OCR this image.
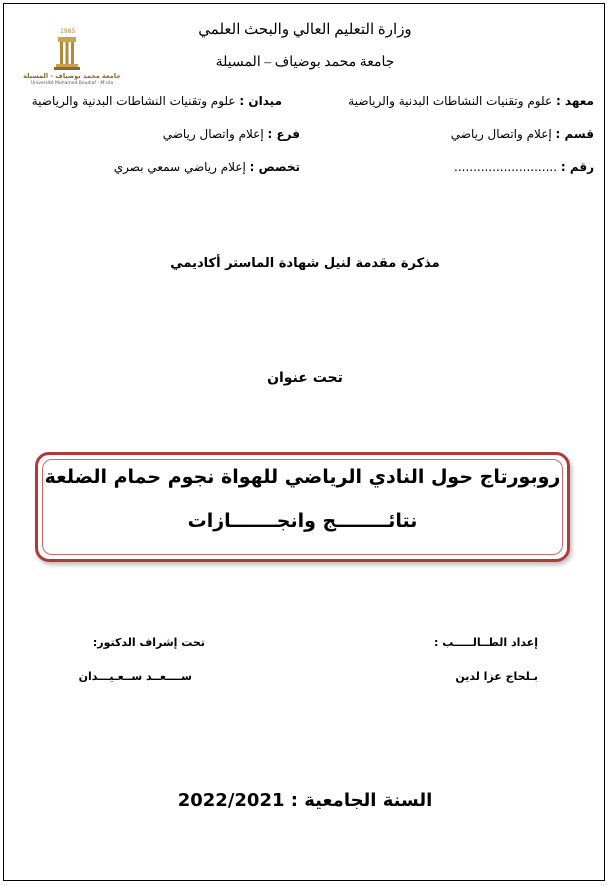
وزارة التعليم العالي والبحث العلمي
جامعة محمد بوضياف – المسيلة
1985
جامعة محمد بوضياف - المسيلة
Université Mohamed Boudiaf - M'sila
معهد : علوم وتقنيات النشاطات البدنية والرياضية
ميدان : علوم وتقنيات النشاطات البدنية والرياضية
قسم : إعلام واتصال رياضي
فرع : إعلام واتصال رياضي
رقم : ...........................
تخصص : إعلام رياضي سمعي بصري
مذكرة مقدمة لنيل شهادة الماستر أكاديمي
تحت عنوان
روبورتاج حول النادي الرياضي للهواة نجوم حمام الضلعة
نتائــــــــج وانجـــــــازات
إعداد الطــالـــــب :
بـلحاج عزا لدين
تحت إشراف الدكتور:
ســــعــد ســعـيـــدان
السنة الجامعية : 2022/2021
